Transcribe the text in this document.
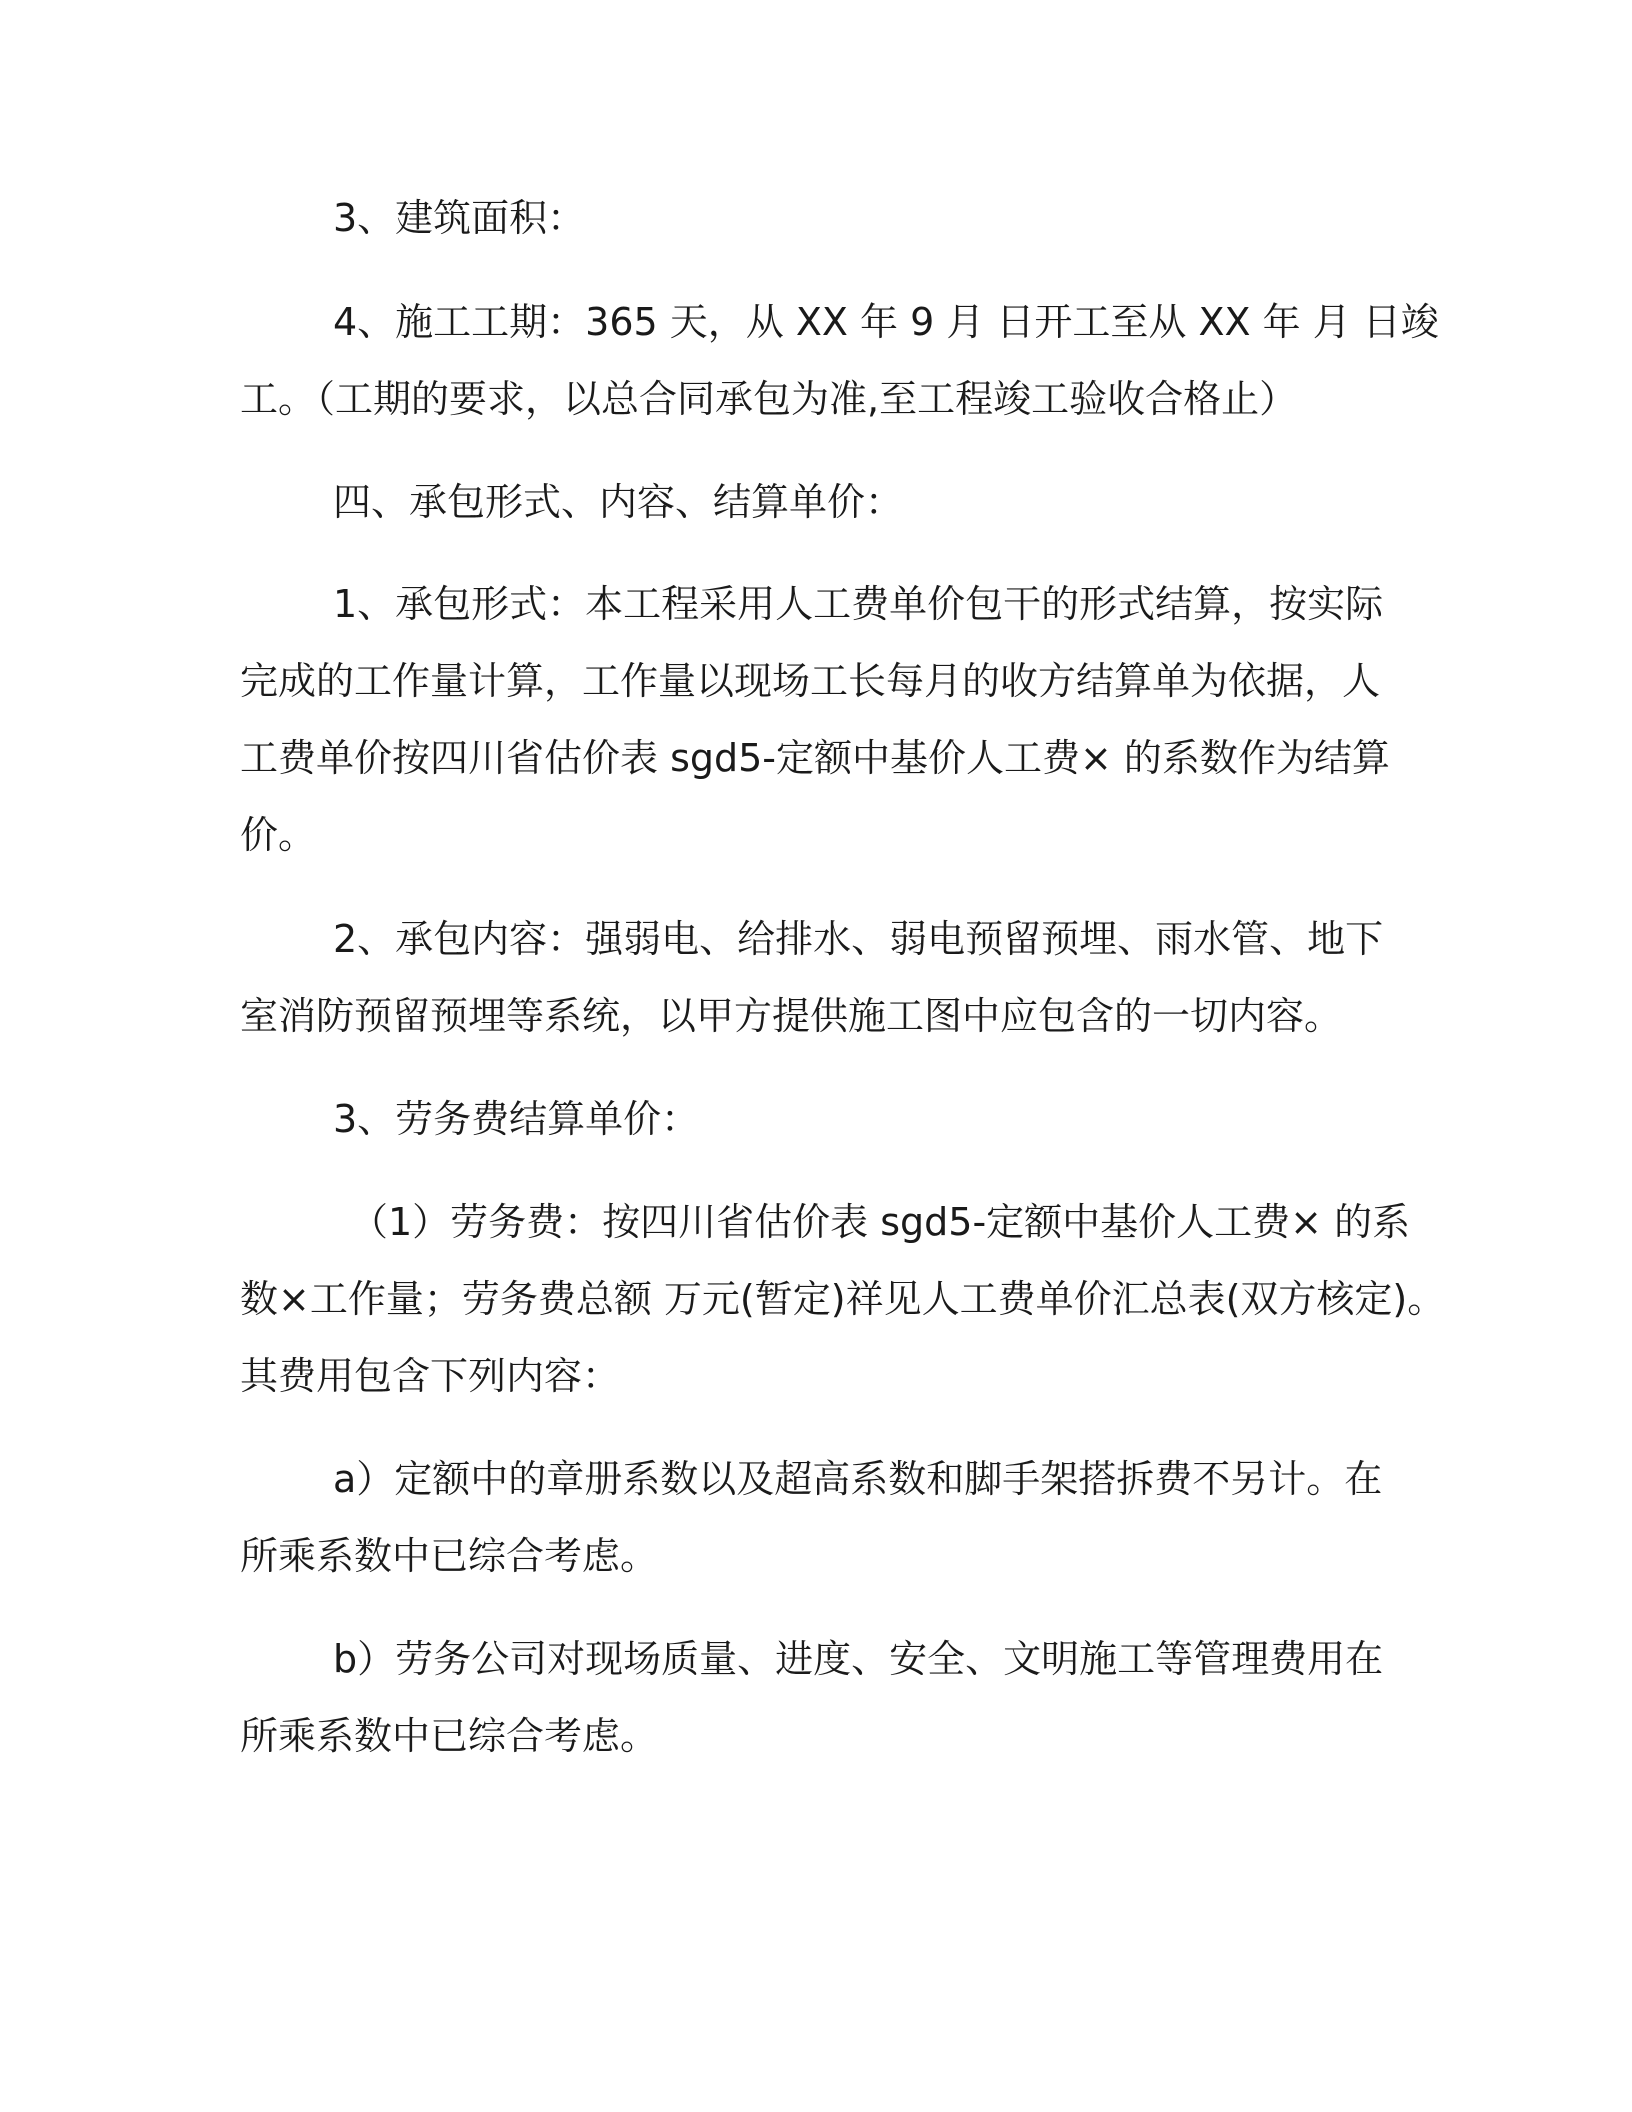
3、建筑面积：
4、施工工期：365 天，从 XX 年 9 月 日开工至从 XX 年 月 日竣
工。（工期的要求，以总合同承包为准,至工程竣工验收合格止）
四、承包形式、内容、结算单价：
1、承包形式：本工程采用人工费单价包干的形式结算，按实际
完成的工作量计算，工作量以现场工长每月的收方结算单为依据，人
工费单价按四川省估价表 sgd5-定额中基价人工费× 的系数作为结算
价。
2、承包内容：强弱电、给排水、弱电预留预埋、雨水管、地下
室消防预留预埋等系统，以甲方提供施工图中应包含的一切内容。
3、劳务费结算单价：
（1）劳务费：按四川省估价表 sgd5-定额中基价人工费× 的系
数×工作量；劳务费总额 万元(暂定)祥见人工费单价汇总表(双方核定)。
其费用包含下列内容：
a）定额中的章册系数以及超高系数和脚手架搭拆费不另计。在
所乘系数中已综合考虑。
b）劳务公司对现场质量、进度、安全、文明施工等管理费用在
所乘系数中已综合考虑。
